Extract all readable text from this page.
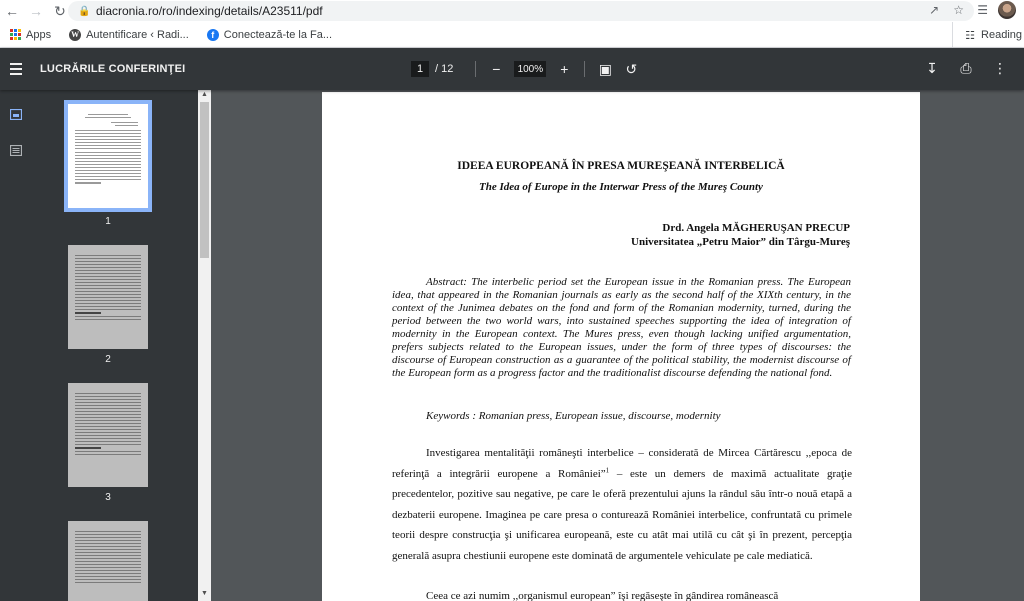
← → ↻	🔒 diacronia.ro/ro/indexing/details/A23511/pdf	↗ ☆ ☰
Apps	W Autentificare ‹ Radi...	f Conectează-te la Fa...	☷ Reading
LUCRĂRILE CONFERINŢEI	1	/ 12	−	100%	+	▣ ↺	↧	⎙	⋮
1
2
3
▲
▼
IDEEA EUROPEANĂ ÎN PRESA MUREŞEANĂ INTERBELICĂ
The Idea of Europe in the Interwar Press of the Mureş County
Drd. Angela MĂGHERUŞAN PRECUP
Universitatea „Petru Maior” din Târgu-Mureş
Abstract: The interbelic period set the European issue in the Romanian press. The European idea, that appeared in the Romanian journals as early as the second half of the XIXth century, in the context of the Junimea debates on the fond and form of the Romanian modernity, turned, during the period between the two world wars, into sustained speeches supporting the idea of integration of modernity in the European context. The Mures press, even though lacking unified argumentation, prefers subjects related to the European issues, under the form of three types of discourses: the discourse of European construction as a guarantee of the political stability, the modernist discourse of the European form as a progress factor and the traditionalist discourse defending the national fond.
Keywords : Romanian press, European issue, discourse, modernity
Investigarea mentalităţii româneşti interbelice – considerată de Mircea Cărtărescu ,,epoca de referinţă a integrării europene a României”$^1$ – este un demers de maximă actualitate graţie precedentelor, pozitive sau negative, pe care le oferă prezentului ajuns la rândul său într-o nouă etapă a dezbaterii europene. Imaginea pe care presa o conturează României interbelice, confruntată cu primele teorii despre construcţia şi unificarea europeană, este cu atât mai utilă cu cât şi în prezent, percepţia generală asupra chestiunii europene este dominată de argumentele vehiculate pe cale mediatică.
Ceea ce azi numim ,,organismul european” îşi regăseşte în gândirea românească
